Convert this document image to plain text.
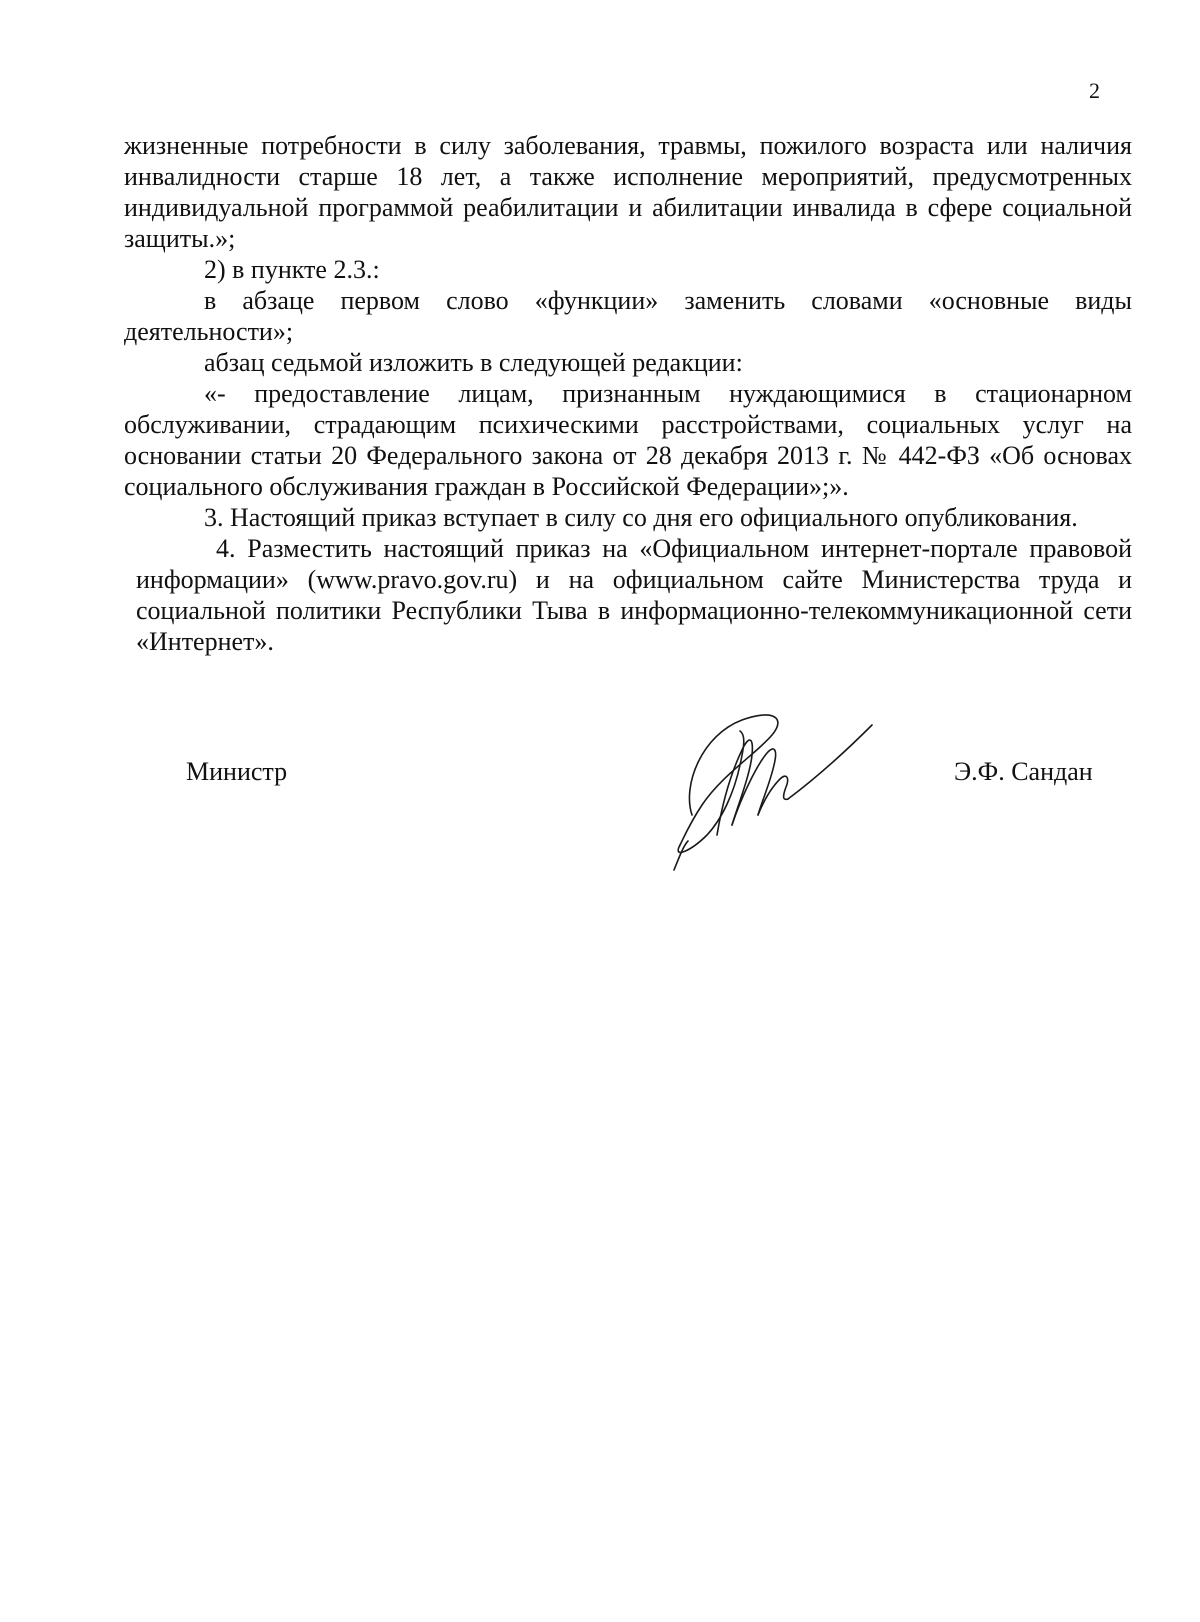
2

жизненные потребности в силу заболевания, травмы, пожилого возраста или наличия инвалидности старше 18 лет, а также исполнение мероприятий, предусмотренных индивидуальной программой реабилитации и абилитации инвалида в сфере социальной защиты.»;

2) в пункте 2.3.:

в абзаце первом слово «функции» заменить словами «основные виды деятельности»;

абзац седьмой изложить в следующей редакции:

«- предоставление лицам, признанным нуждающимися в стационарном обслуживании, страдающим психическими расстройствами, социальных услуг на основании статьи 20 Федерального закона от 28 декабря 2013 г. № 442-ФЗ «Об основах социального обслуживания граждан в Российской Федерации»;».

3. Настоящий приказ вступает в силу со дня его официального опубликования.

4. Разместить настоящий приказ на «Официальном интернет-портале правовой информации» (www.pravo.gov.ru) и на официальном сайте Министерства труда и социальной политики Республики Тыва в информационно-телекоммуникационной сети «Интернет».

Министр	Э.Ф. Сандан
